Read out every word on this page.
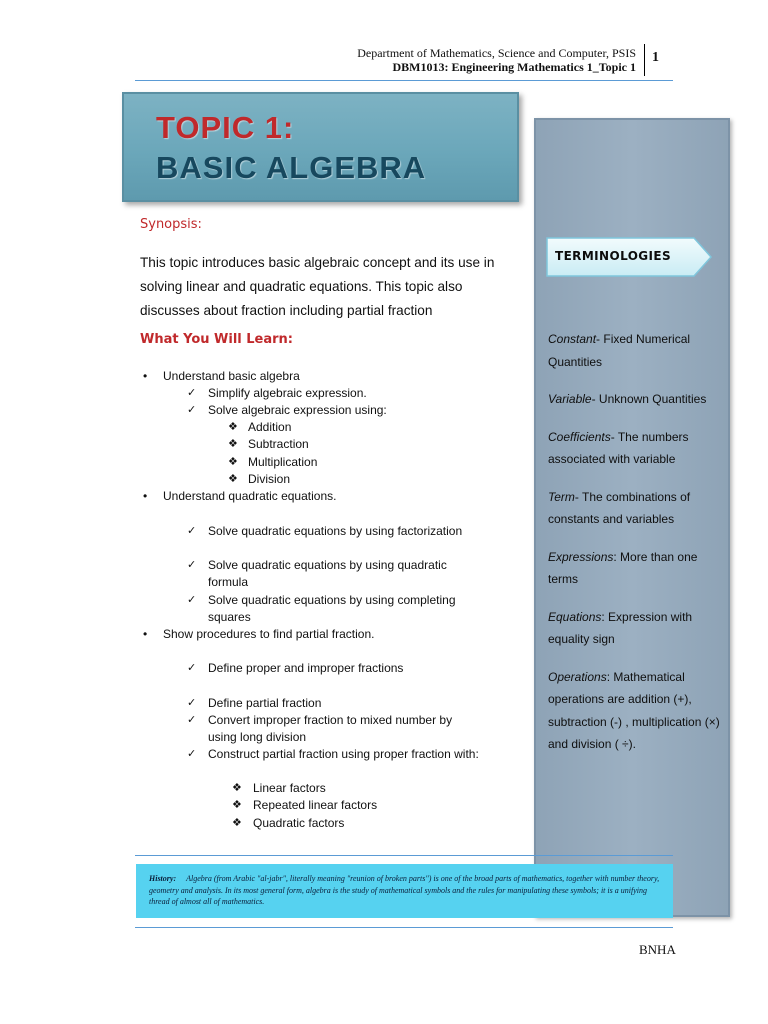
Department of Mathematics, Science and Computer, PSIS
DBM1013: Engineering Mathematics 1_Topic 1
1
TOPIC 1:
BASIC ALGEBRA
TERMINOLOGIES
Constant- Fixed Numerical Quantities
Variable- Unknown Quantities
Coefficients- The numbers associated with variable
Term- The combinations of constants and variables
Expressions: More than one terms
Equations: Expression with equality sign
Operations: Mathematical operations are addition (+), subtraction (-) , multiplication (×) and division ( ÷).
Synopsis:
This topic introduces basic algebraic concept and its use in solving linear and quadratic equations. This topic also discusses about fraction including partial fraction
What You Will Learn:
• Understand basic algebra
✓ Simplify algebraic expression.
✓ Solve algebraic expression using:
❖ Addition
❖ Subtraction
❖ Multiplication
❖ Division
• Understand quadratic equations.
✓ Solve quadratic equations by using factorization
✓ Solve quadratic equations by using quadratic
formula
✓ Solve quadratic equations by using completing
squares
• Show procedures to find partial fraction.
✓ Define proper and improper fractions
✓ Define partial fraction
✓ Convert improper fraction to mixed number by
using long division
✓ Construct partial fraction using proper fraction with:
❖ Linear factors
❖ Repeated linear factors
❖ Quadratic factors
History: Algebra (from Arabic "al-jabr", literally meaning "reunion of broken parts") is one of the broad parts of mathematics, together with number theory, geometry and analysis. In its most general form, algebra is the study of mathematical symbols and the rules for manipulating these symbols; it is a unifying thread of almost all of mathematics.
BNHA
